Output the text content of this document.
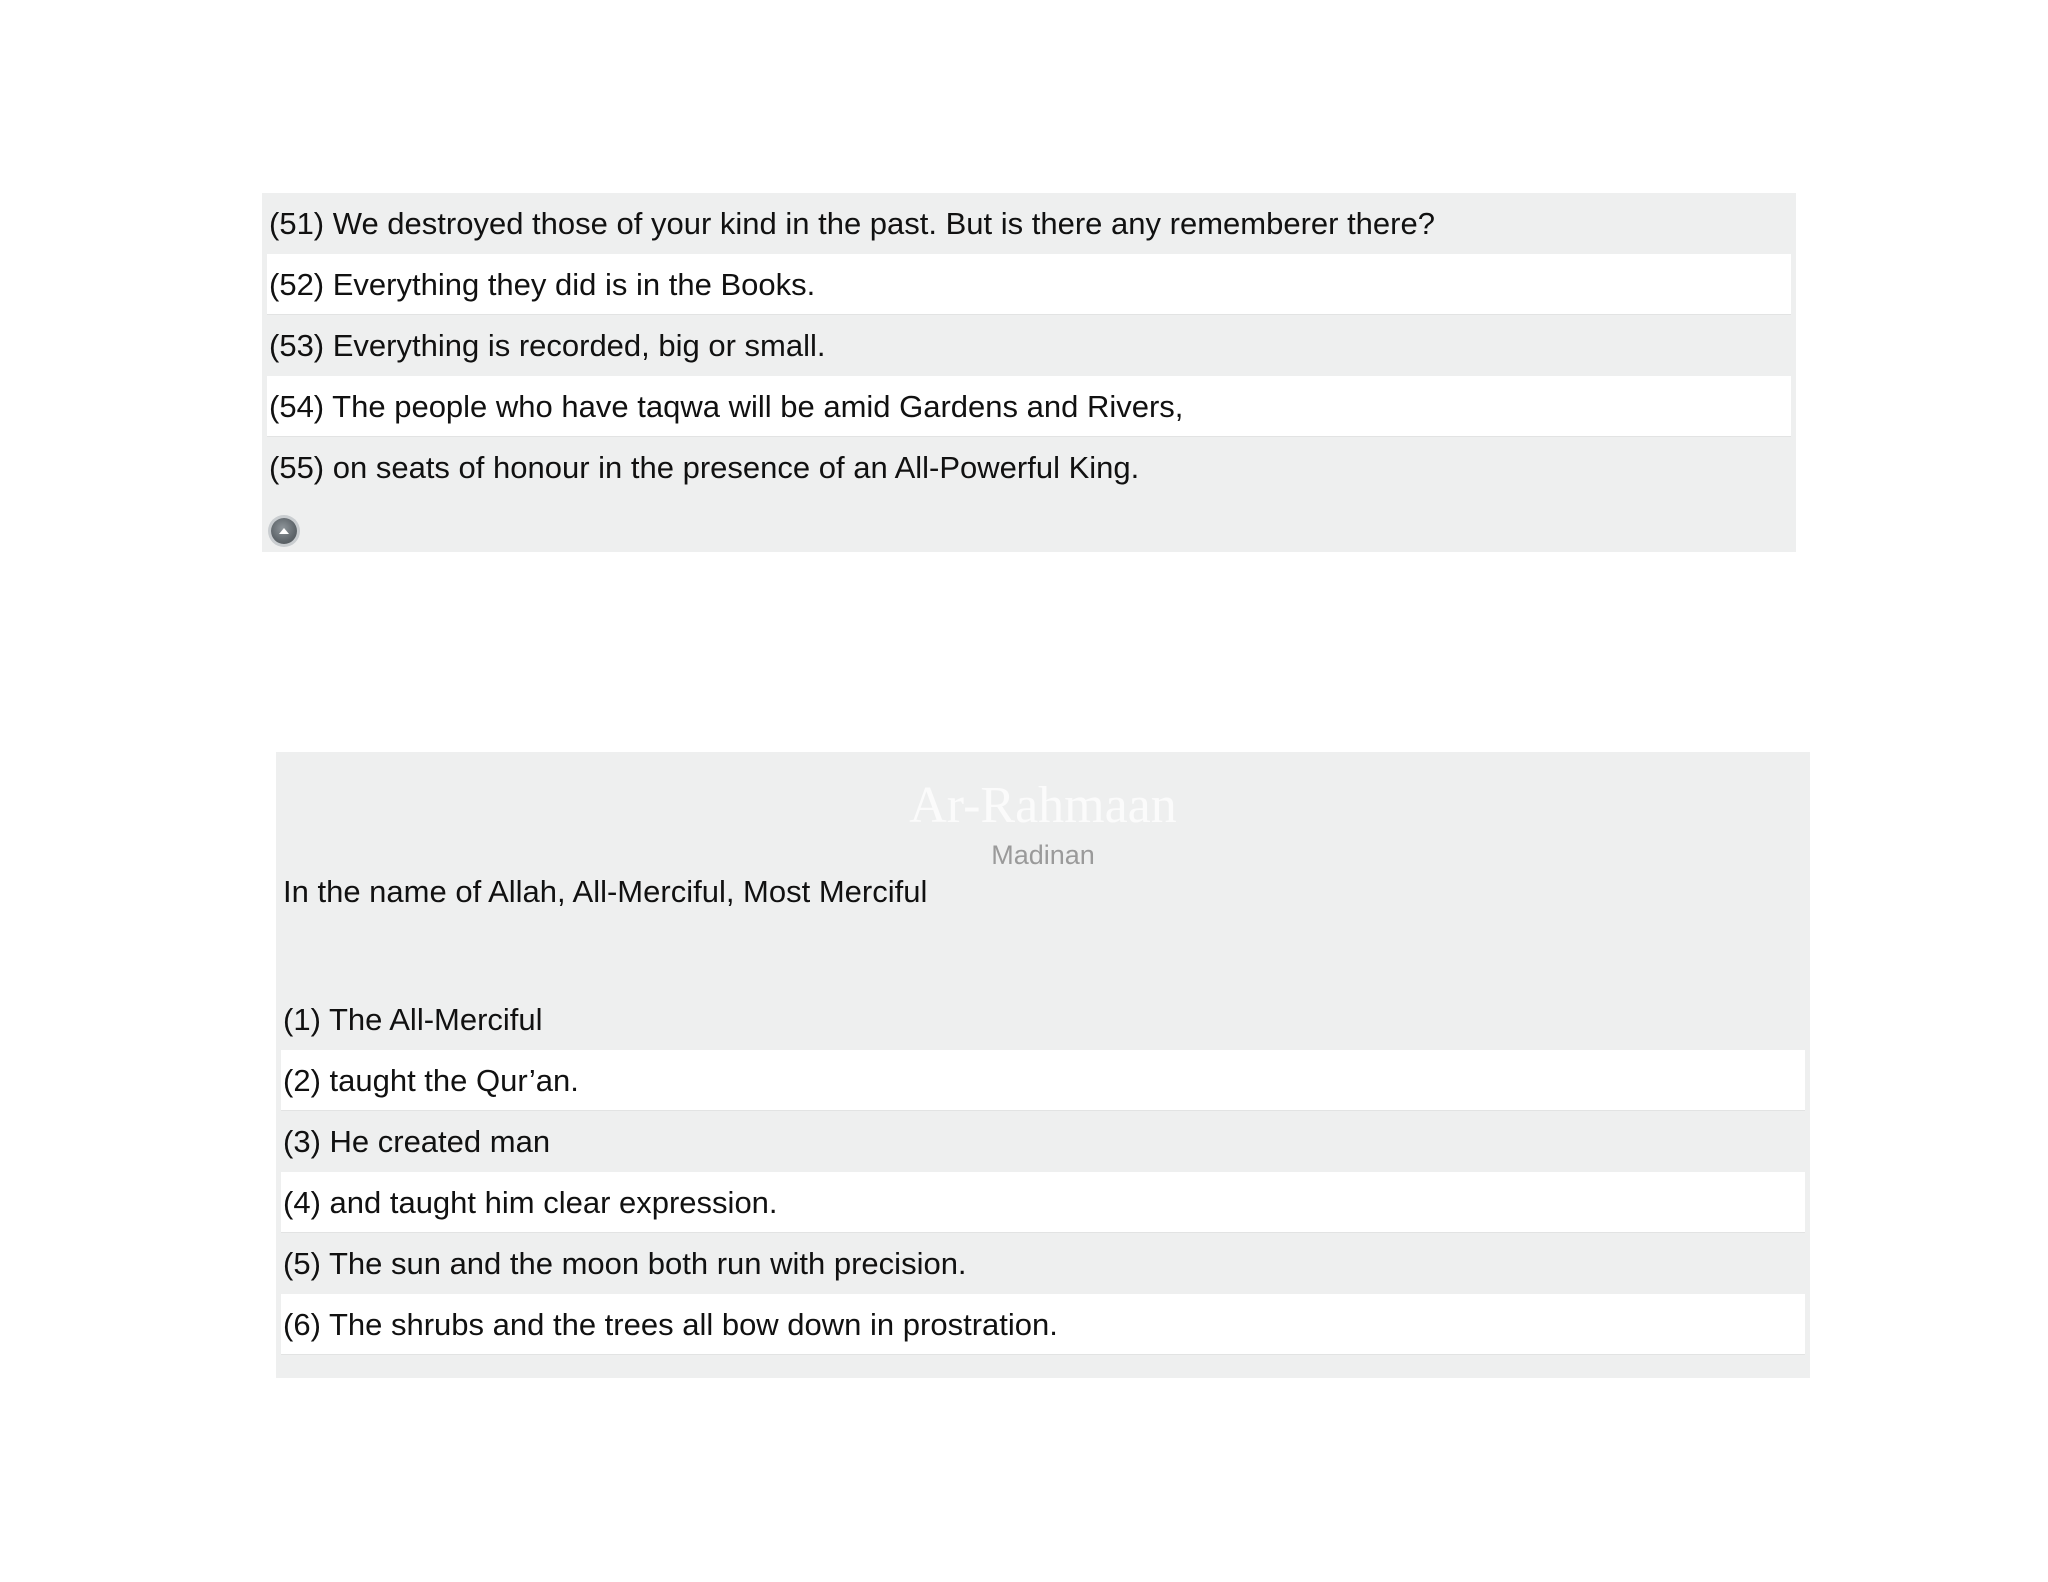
(51) We destroyed those of your kind in the past. But is there any rememberer there?
(52) Everything they did is in the Books.
(53) Everything is recorded, big or small.
(54) The people who have taqwa will be amid Gardens and Rivers,
(55) on seats of honour in the presence of an All-Powerful King.
Ar-Rahmaan
Madinan
In the name of Allah, All-Merciful, Most Merciful
(1) The All-Merciful
(2) taught the Qur’an.
(3) He created man
(4) and taught him clear expression.
(5) The sun and the moon both run with precision.
(6) The shrubs and the trees all bow down in prostration.
